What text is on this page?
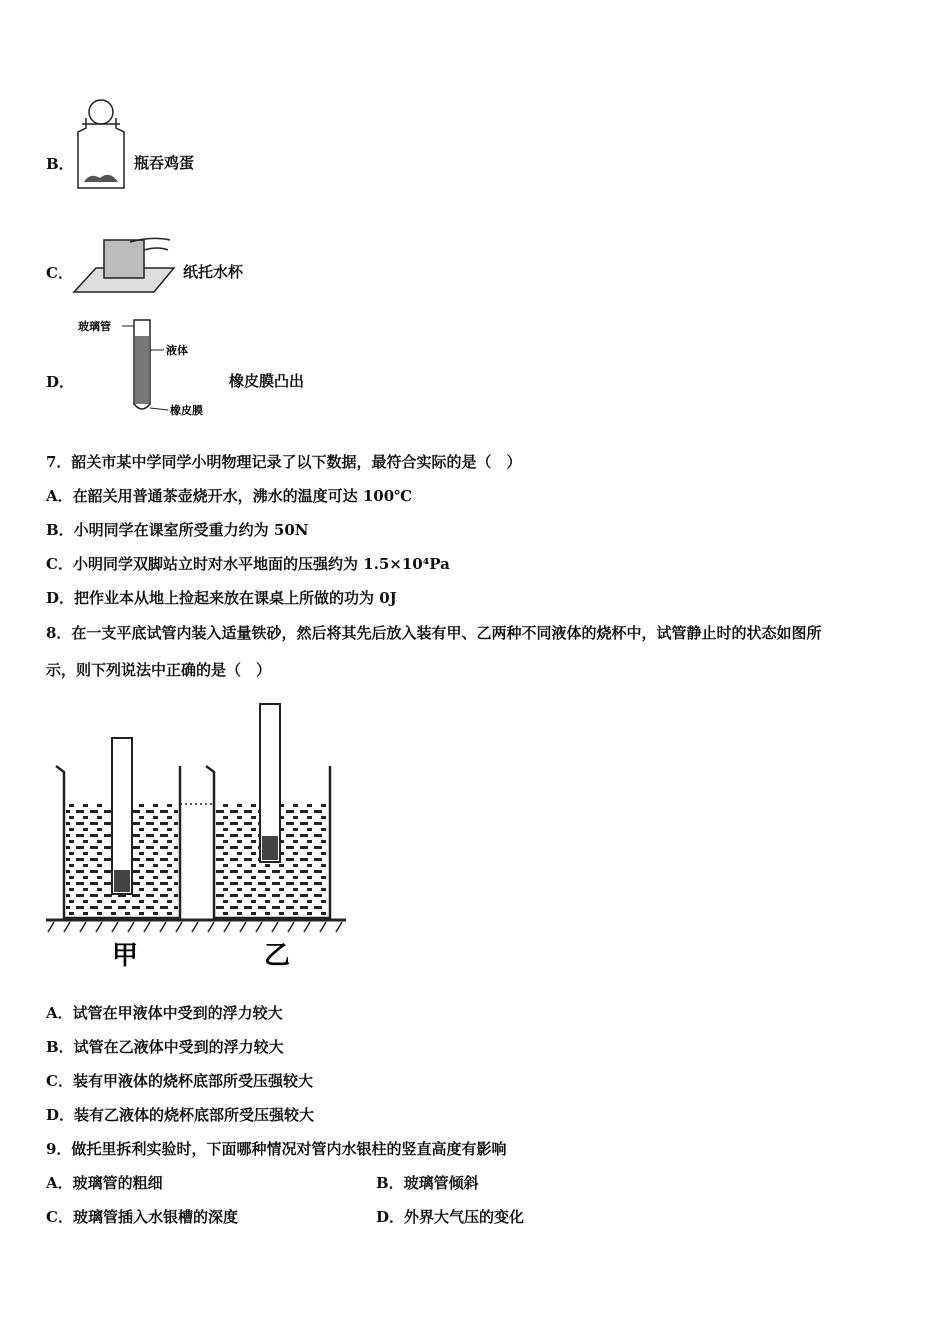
B．	瓶吞鸡蛋
C．	纸托水杯
D．
玻璃管
液体
橡皮膜
橡皮膜凸出
7．韶关市某中学同学小明物理记录了以下数据，最符合实际的是（　）
A．在韶关用普通茶壶烧开水，沸水的温度可达 100℃
B．小明同学在课室所受重力约为 50N
C．小明同学双脚站立时对水平地面的压强约为 1.5×10⁴Pa
D．把作业本从地上捡起来放在课桌上所做的功为 0J
8．在一支平底试管内装入适量铁砂，然后将其先后放入装有甲、乙两种不同液体的烧杯中，试管静止时的状态如图所
示，则下列说法中正确的是（　）
甲	乙
A．试管在甲液体中受到的浮力较大
B．试管在乙液体中受到的浮力较大
C．装有甲液体的烧杯底部所受压强较大
D．装有乙液体的烧杯底部所受压强较大
9．做托里拆利实验时，下面哪种情况对管内水银柱的竖直高度有影响
A．玻璃管的粗细	B．玻璃管倾斜
C．玻璃管插入水银槽的深度	D．外界大气压的变化
